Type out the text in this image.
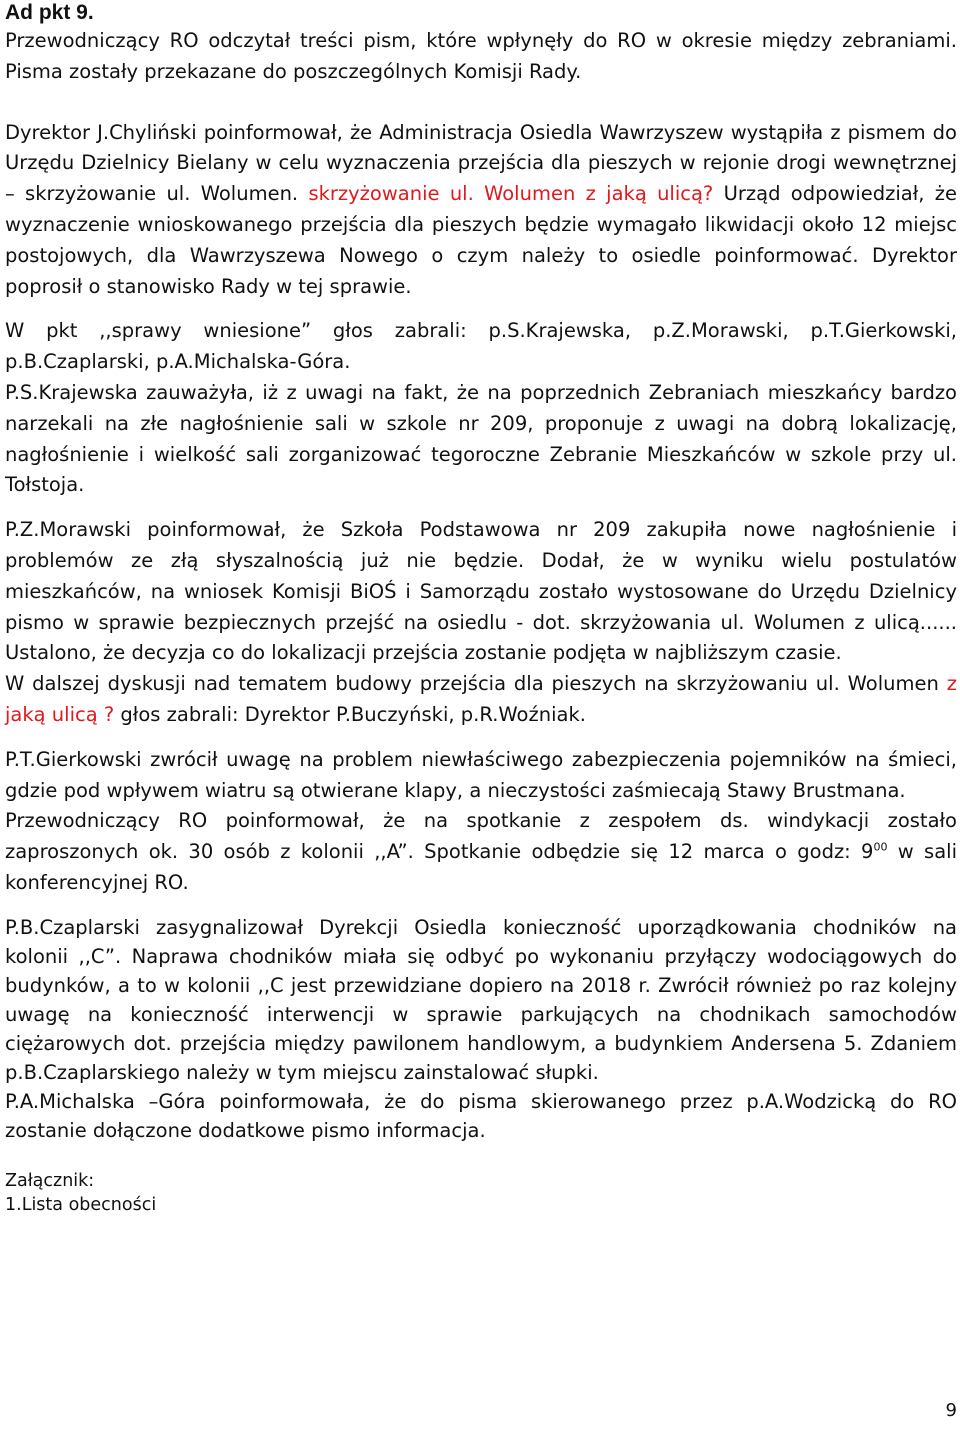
Ad pkt 9.

Przewodniczący RO odczytał treści pism, które wpłynęły do RO w okresie między zebraniami. Pisma zostały przekazane do poszczególnych Komisji Rady.

Dyrektor J.Chyliński poinformował, że Administracja Osiedla Wawrzyszew wystąpiła z pismem do Urzędu Dzielnicy Bielany w celu wyznaczenia przejścia dla pieszych w rejonie drogi wewnętrznej – skrzyżowanie ul. Wolumen. skrzyżowanie ul. Wolumen z jaką ulicą? Urząd odpowiedział, że wyznaczenie wnioskowanego przejścia dla pieszych będzie wymagało likwidacji około 12 miejsc postojowych, dla Wawrzyszewa Nowego o czym należy to osiedle poinformować. Dyrektor poprosił o stanowisko Rady w tej sprawie.

W pkt ,,sprawy wniesione” głos zabrali: p.S.Krajewska, p.Z.Morawski, p.T.Gierkowski, p.B.Czaplarski, p.A.Michalska-Góra.

P.S.Krajewska zauważyła, iż z uwagi na fakt, że na poprzednich Zebraniach mieszkańcy bardzo narzekali na złe nagłośnienie sali w szkole nr 209, proponuje z uwagi na dobrą lokalizację, nagłośnienie i wielkość sali zorganizować tegoroczne Zebranie Mieszkańców w szkole przy ul. Tołstoja.

P.Z.Morawski poinformował, że Szkoła Podstawowa nr 209 zakupiła nowe nagłośnienie i problemów ze złą słyszalnością już nie będzie. Dodał, że w wyniku wielu postulatów mieszkańców, na wniosek Komisji BiOŚ i Samorządu zostało wystosowane do Urzędu Dzielnicy pismo w sprawie bezpiecznych przejść na osiedlu - dot. skrzyżowania ul. Wolumen z ulicą...... Ustalono, że decyzja co do lokalizacji przejścia zostanie podjęta w najbliższym czasie.

W dalszej dyskusji nad tematem budowy przejścia dla pieszych na skrzyżowaniu ul. Wolumen z jaką ulicą ? głos zabrali: Dyrektor P.Buczyński, p.R.Woźniak.

P.T.Gierkowski zwrócił uwagę na problem niewłaściwego zabezpieczenia pojemników na śmieci, gdzie pod wpływem wiatru są otwierane klapy, a nieczystości zaśmiecają Stawy Brustmana.

Przewodniczący RO poinformował, że na spotkanie z zespołem ds. windykacji zostało zaproszonych ok. 30 osób z kolonii ,,A”. Spotkanie odbędzie się 12 marca o godz: $9^{00}$ w sali konferencyjnej RO.

P.B.Czaplarski zasygnalizował Dyrekcji Osiedla konieczność uporządkowania chodników na kolonii ,,C”. Naprawa chodników miała się odbyć po wykonaniu przyłączy wodociągowych do budynków, a to w kolonii ,,C jest przewidziane dopiero na 2018 r. Zwrócił również po raz kolejny uwagę na konieczność interwencji w sprawie parkujących na chodnikach samochodów ciężarowych dot. przejścia między pawilonem handlowym, a budynkiem Andersena 5. Zdaniem p.B.Czaplarskiego należy w tym miejscu zainstalować słupki.

P.A.Michalska –Góra poinformowała, że do pisma skierowanego przez p.A.Wodzicką do RO zostanie dołączone dodatkowe pismo informacja.

Załącznik:
1.Lista obecności
9
